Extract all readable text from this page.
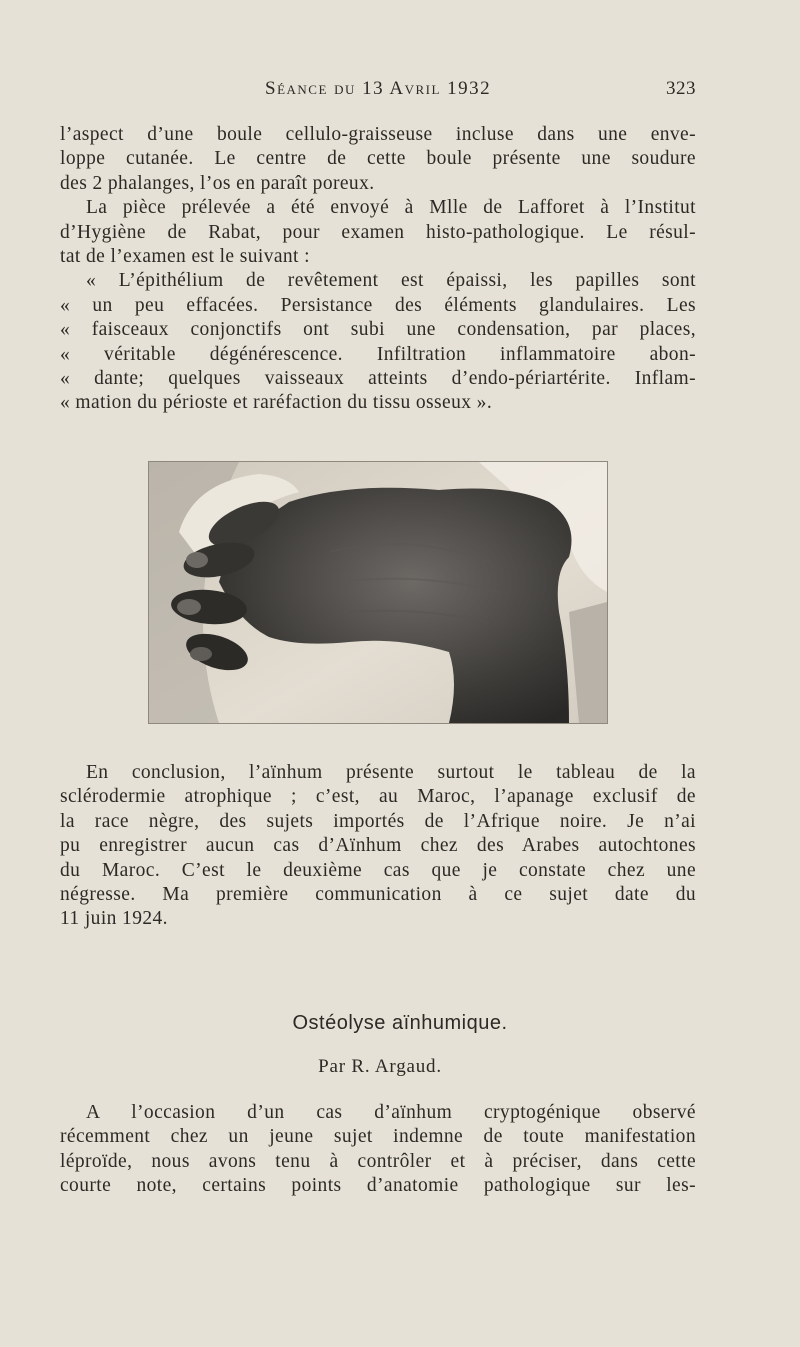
Séance du 13 Avril 1932	323
l’aspect d’une boule cellulo-graisseuse incluse dans une enve-
loppe cutanée. Le centre de cette boule présente une soudure
des 2 phalanges, l’os en paraît poreux.
La pièce prélevée a été envoyé à Mlle de Lafforet à l’Institut
d’Hygiène de Rabat, pour examen histo-pathologique. Le résul-
tat de l’examen est le suivant :
« L’épithélium de revêtement est épaissi, les papilles sont
« un peu effacées. Persistance des éléments glandulaires. Les
« faisceaux conjonctifs ont subi une condensation, par places,
« véritable dégénérescence. Infiltration inflammatoire abon-
« dante; quelques vaisseaux atteints d’endo-périartérite. Inflam-
« mation du périoste et raréfaction du tissu osseux ».
En conclusion, l’aïnhum présente surtout le tableau de la
sclérodermie atrophique ; c’est, au Maroc, l’apanage exclusif de
la race nègre, des sujets importés de l’Afrique noire. Je n’ai
pu enregistrer aucun cas d’Aïnhum chez des Arabes autochtones
du Maroc. C’est le deuxième cas que je constate chez une
négresse. Ma première communication à ce sujet date du
11 juin 1924.
Ostéolyse aïnhumique.
Par R. Argaud.
A l’occasion d’un cas d’aïnhum cryptogénique observé
récemment chez un jeune sujet indemne de toute manifestation
léproïde, nous avons tenu à contrôler et à préciser, dans cette
courte note, certains points d’anatomie pathologique sur les-
